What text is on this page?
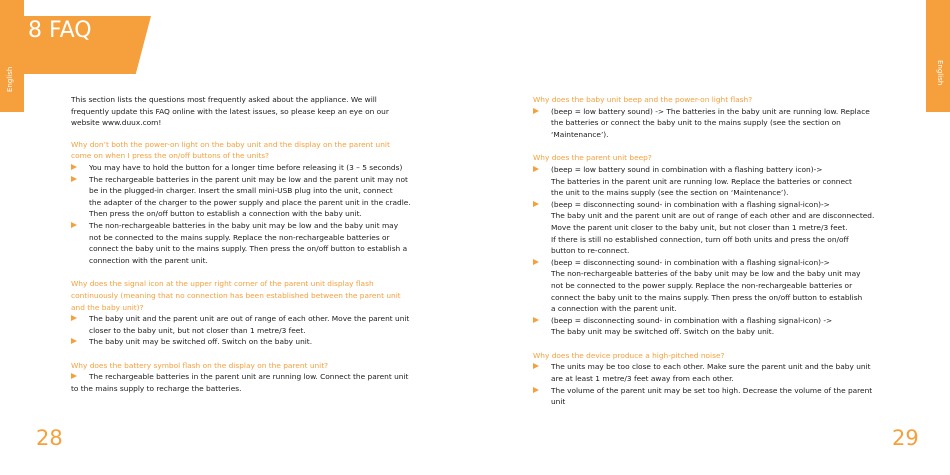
English	English
8 FAQ

This section lists the questions most frequently asked about the appliance. We will
frequently update this FAQ online with the latest issues, so please keep an eye on our
website www.duux.com!

Why don’t both the power-on light on the baby unit and the display on the parent unit
come on when I press the on/off buttons of the units?

You may have to hold the button for a longer time before releasing it (3 – 5 seconds)
The rechargeable batteries in the parent unit may be low and the parent unit may not
be in the plugged-in charger. Insert the small mini-USB plug into the unit, connect
the adapter of the charger to the power supply and place the parent unit in the cradle.
Then press the on/off button to establish a connection with the baby unit.
The non-rechargeable batteries in the baby unit may be low and the baby unit may
not be connected to the mains supply. Replace the non-rechargeable batteries or
connect the baby unit to the mains supply. Then press the on/off button to establish a
connection with the parent unit.

Why does the signal icon at the upper right corner of the parent unit display flash
continuously (meaning that no connection has been established between the parent unit
and the baby unit)?

The baby unit and the parent unit are out of range of each other. Move the parent unit
closer to the baby unit, but not closer than 1 metre/3 feet.
The baby unit may be switched off. Switch on the baby unit.

Why does the battery symbol flash on the display on the parent unit?

The rechargeable batteries in the parent unit are running low. Connect the parent unit
to the mains supply to recharge the batteries.

Why does the baby unit beep and the power-on light flash?

(beep = low battery sound) -> The batteries in the baby unit are running low. Replace
the batteries or connect the baby unit to the mains supply (see the section on
‘Maintenance’).

Why does the parent unit beep?

(beep = low battery sound in combination with a flashing battery icon)->
The batteries in the parent unit are running low. Replace the batteries or connect
the unit to the mains supply (see the section on ‘Maintenance’).
(beep = disconnecting sound- in combination with a flashing signal-icon)->
The baby unit and the parent unit are out of range of each other and are disconnected.
Move the parent unit closer to the baby unit, but not closer than 1 metre/3 feet.
If there is still no established connection, turn off both units and press the on/off
button to re-connect.
(beep = disconnecting sound- in combination with a flashing signal-icon)->
The non-rechargeable batteries of the baby unit may be low and the baby unit may
not be connected to the power supply. Replace the non-rechargeable batteries or
connect the baby unit to the mains supply. Then press the on/off button to establish
a connection with the parent unit.
(beep = disconnecting sound- in combination with a flashing signal-icon) ->
The baby unit may be switched off. Switch on the baby unit.

Why does the device produce a high-pitched noise?

The units may be too close to each other. Make sure the parent unit and the baby unit
are at least 1 metre/3 feet away from each other.
The volume of the parent unit may be set too high. Decrease the volume of the parent
unit
28	29
